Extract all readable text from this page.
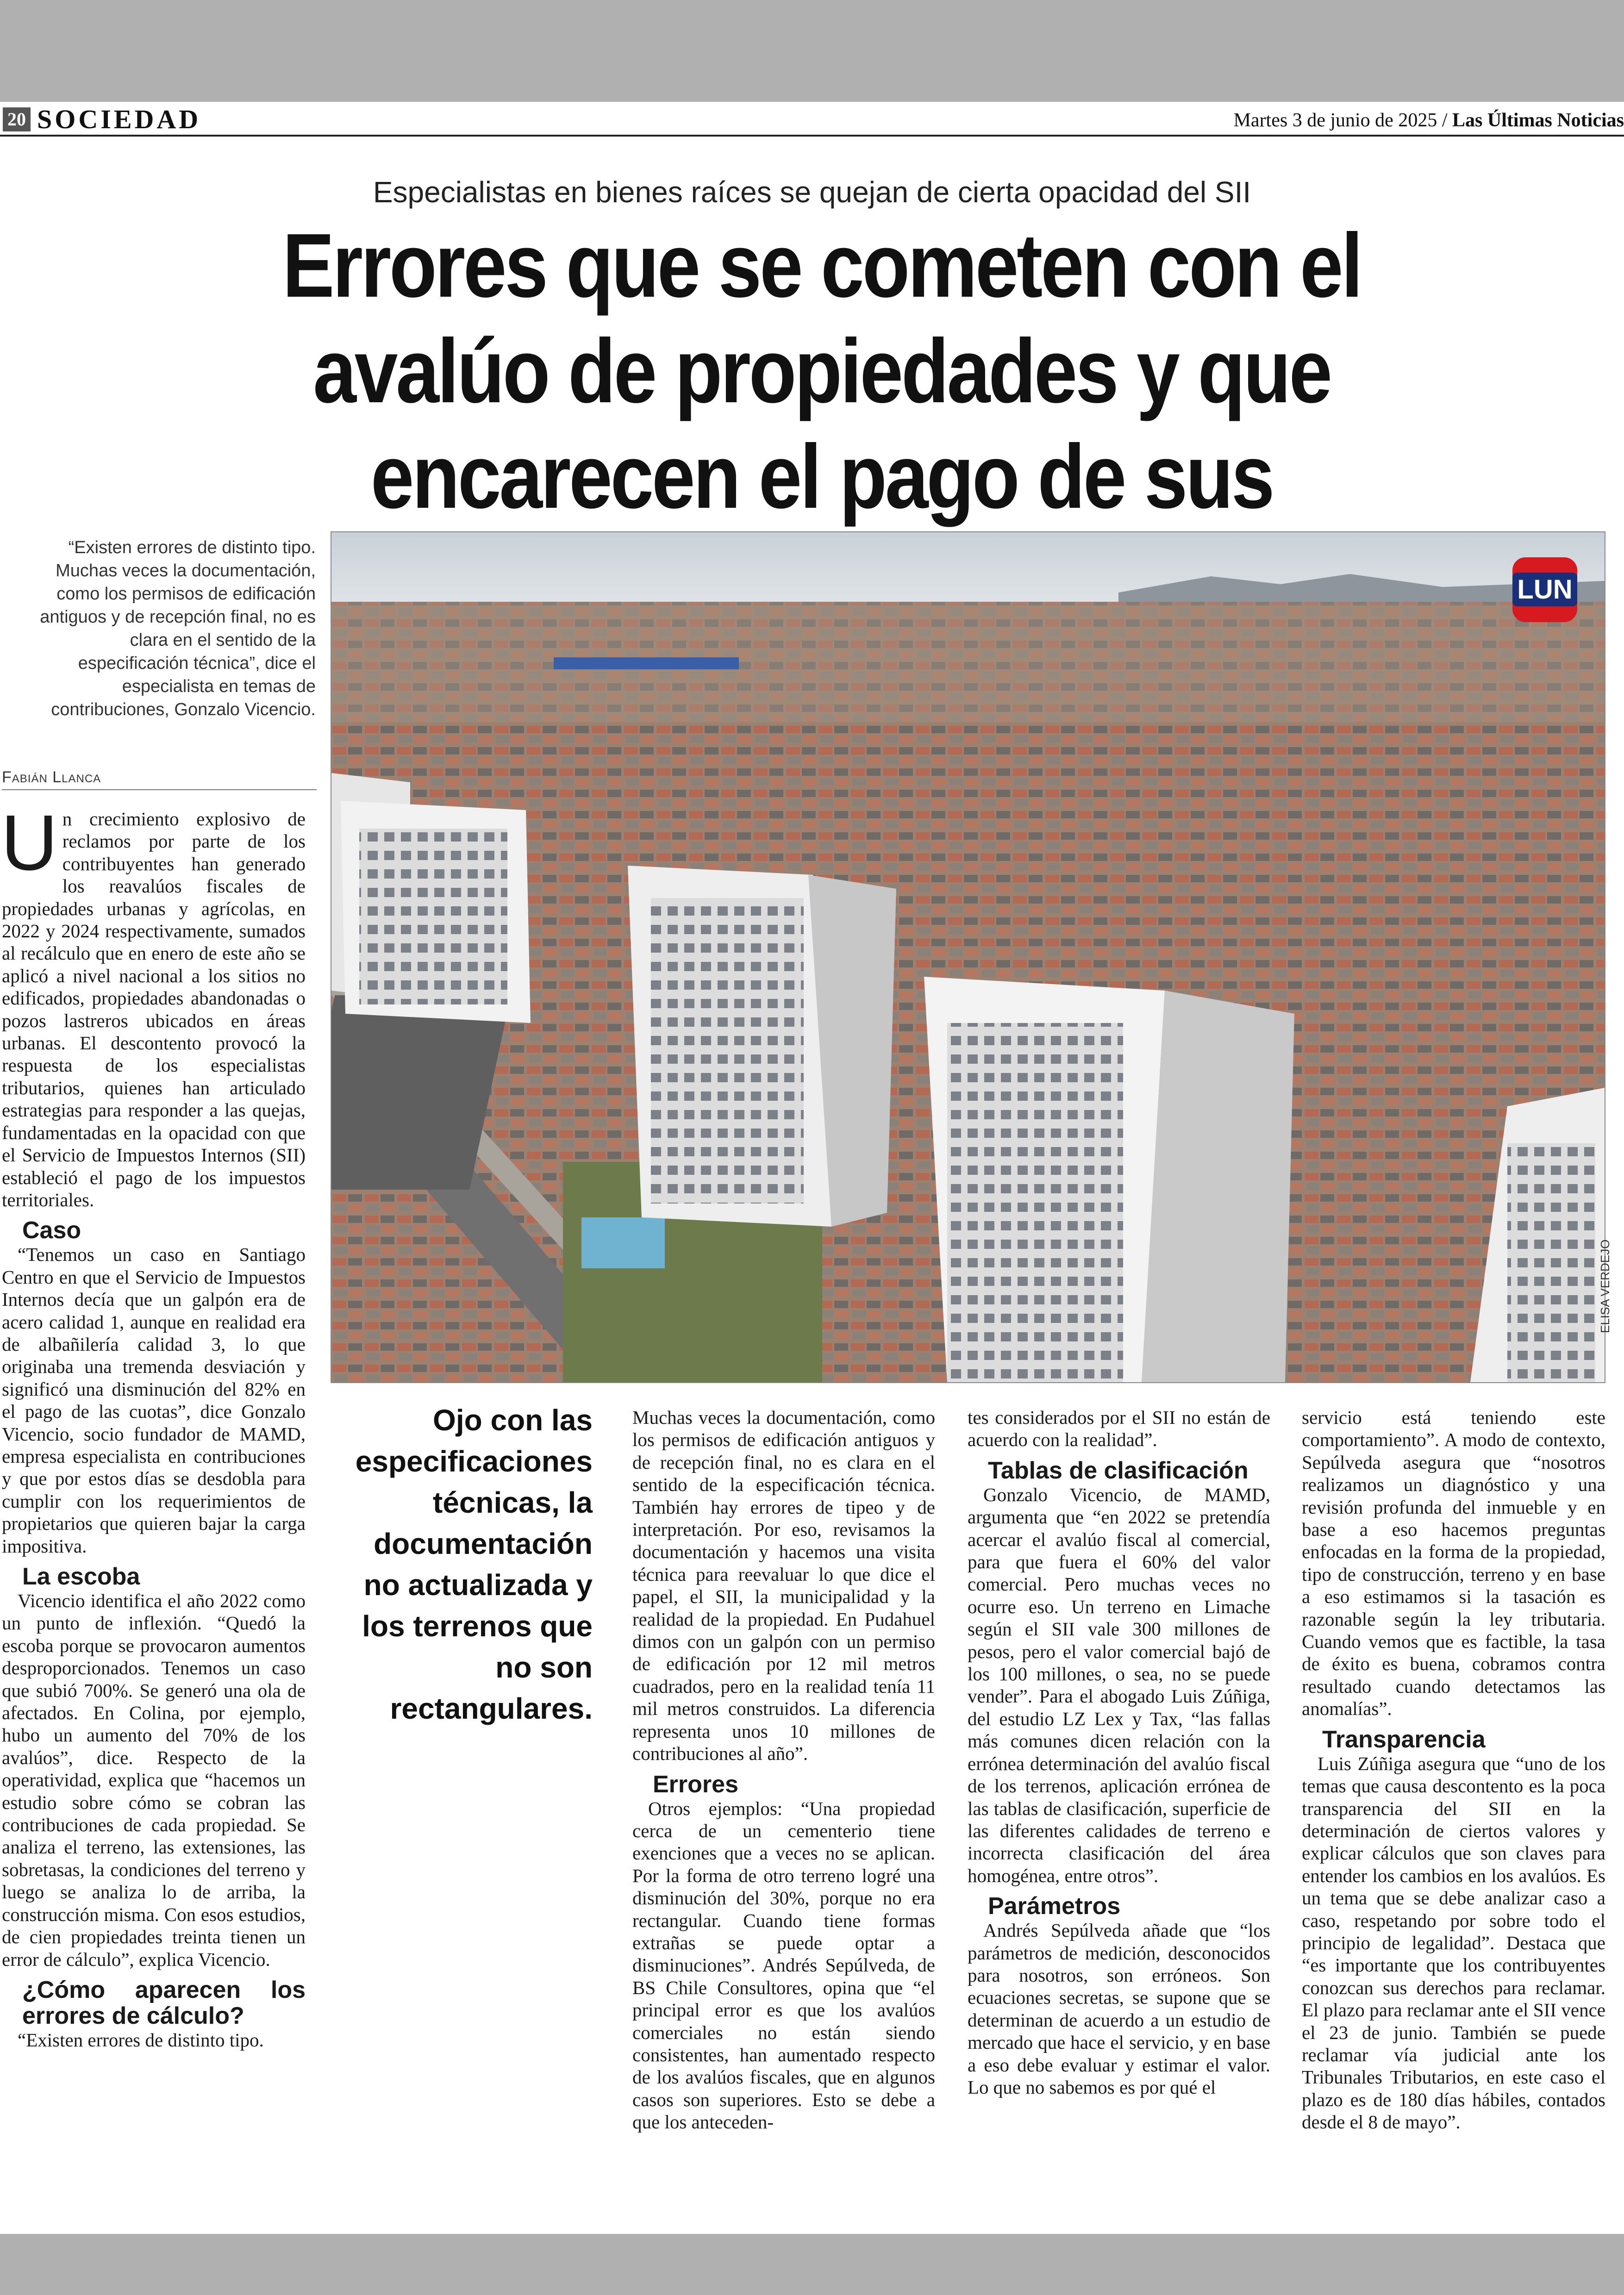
20 SOCIEDAD	Martes 3 de junio de 2025 / Las Últimas Noticias
Especialistas en bienes raíces se quejan de cierta opacidad del SII
Errores que se cometen con el avalúo de propiedades y que encarecen el pago de sus
“Existen errores de distinto tipo. Muchas veces la documentación, como los permisos de edificación antiguos y de recepción final, no es clara en el sentido de la especificación técnica”, dice el especialista en temas de contribuciones, Gonzalo Vicencio.
Fabián Llanca
LUN
ELISA VERDEJO

Un crecimiento explosivo de reclamos por parte de los contribuyentes han generado los reavalúos fiscales de propiedades urbanas y agrícolas, en 2022 y 2024 respectivamente, sumados al recálculo que en enero de este año se aplicó a nivel nacional a los sitios no edificados, propiedades abandonadas o pozos lastreros ubicados en áreas urbanas. El descontento provocó la respuesta de los especialistas tributarios, quienes han articulado estrategias para responder a las quejas, fundamentadas en la opacidad con que el Servicio de Impuestos Internos (SII) estableció el pago de los impuestos territoriales.

Caso

“Tenemos un caso en Santiago Centro en que el Servicio de Impuestos Internos decía que un galpón era de acero calidad 1, aunque en realidad era de albañilería calidad 3, lo que originaba una tremenda desviación y significó una disminución del 82% en el pago de las cuotas”, dice Gonzalo Vicencio, socio fundador de MAMD, empresa especialista en contribuciones y que por estos días se desdobla para cumplir con los requerimientos de propietarios que quieren bajar la carga impositiva.

La escoba

Vicencio identifica el año 2022 como un punto de inflexión. “Quedó la escoba porque se provocaron aumentos desproporcionados. Tenemos un caso que subió 700%. Se generó una ola de afectados. En Colina, por ejemplo, hubo un aumento del 70% de los avalúos”, dice. Respecto de la operatividad, explica que “hacemos un estudio sobre cómo se cobran las contribuciones de cada propiedad. Se analiza el terreno, las extensiones, las sobretasas, la condiciones del terreno y luego se analiza lo de arriba, la construcción misma. Con esos estudios, de cien propiedades treinta tienen un error de cálculo”, explica Vicencio.

¿Cómo aparecen los errores de cálculo?

“Existen errores de distinto tipo.

Ojo con las especificaciones técnicas, la documentación no actualizada y los terrenos que no son rectangulares.

Muchas veces la documentación, como los permisos de edificación antiguos y de recepción final, no es clara en el sentido de la especificación técnica. También hay errores de tipeo y de interpretación. Por eso, revisamos la documentación y hacemos una visita técnica para reevaluar lo que dice el papel, el SII, la municipalidad y la realidad de la propiedad. En Pudahuel dimos con un galpón con un permiso de edificación por 12 mil metros cuadrados, pero en la realidad tenía 11 mil metros construidos. La diferencia representa unos 10 millones de contribuciones al año”.

Errores

Otros ejemplos: “Una propiedad cerca de un cementerio tiene exenciones que a veces no se aplican. Por la forma de otro terreno logré una disminución del 30%, porque no era rectangular. Cuando tiene formas extrañas se puede optar a disminuciones”. Andrés Sepúlveda, de BS Chile Consultores, opina que “el principal error es que los avalúos comerciales no están siendo consistentes, han aumentado respecto de los avalúos fiscales, que en algunos casos son superiores. Esto se debe a que los anteceden-

tes considerados por el SII no están de acuerdo con la realidad”.

Tablas de clasificación

Gonzalo Vicencio, de MAMD, argumenta que “en 2022 se pretendía acercar el avalúo fiscal al comercial, para que fuera el 60% del valor comercial. Pero muchas veces no ocurre eso. Un terreno en Limache según el SII vale 300 millones de pesos, pero el valor comercial bajó de los 100 millones, o sea, no se puede vender”. Para el abogado Luis Zúñiga, del estudio LZ Lex y Tax, “las fallas más comunes dicen relación con la errónea determinación del avalúo fiscal de los terrenos, aplicación errónea de las tablas de clasificación, superficie de las diferentes calidades de terreno e incorrecta clasificación del área homogénea, entre otros”.

Parámetros

Andrés Sepúlveda añade que “los parámetros de medición, desconocidos para nosotros, son erróneos. Son ecuaciones secretas, se supone que se determinan de acuerdo a un estudio de mercado que hace el servicio, y en base a eso debe evaluar y estimar el valor. Lo que no sabemos es por qué el

servicio está teniendo este comportamiento”. A modo de contexto, Sepúlveda asegura que “nosotros realizamos un diagnóstico y una revisión profunda del inmueble y en base a eso hacemos preguntas enfocadas en la forma de la propiedad, tipo de construcción, terreno y en base a eso estimamos si la tasación es razonable según la ley tributaria. Cuando vemos que es factible, la tasa de éxito es buena, cobramos contra resultado cuando detectamos las anomalías”.

Transparencia

Luis Zúñiga asegura que “uno de los temas que causa descontento es la poca transparencia del SII en la determinación de ciertos valores y explicar cálculos que son claves para entender los cambios en los avalúos. Es un tema que se debe analizar caso a caso, respetando por sobre todo el principio de legalidad”. Destaca que “es importante que los contribuyentes conozcan sus derechos para reclamar. El plazo para reclamar ante el SII vence el 23 de junio. También se puede reclamar vía judicial ante los Tribunales Tributarios, en este caso el plazo es de 180 días hábiles, contados desde el 8 de mayo”.
